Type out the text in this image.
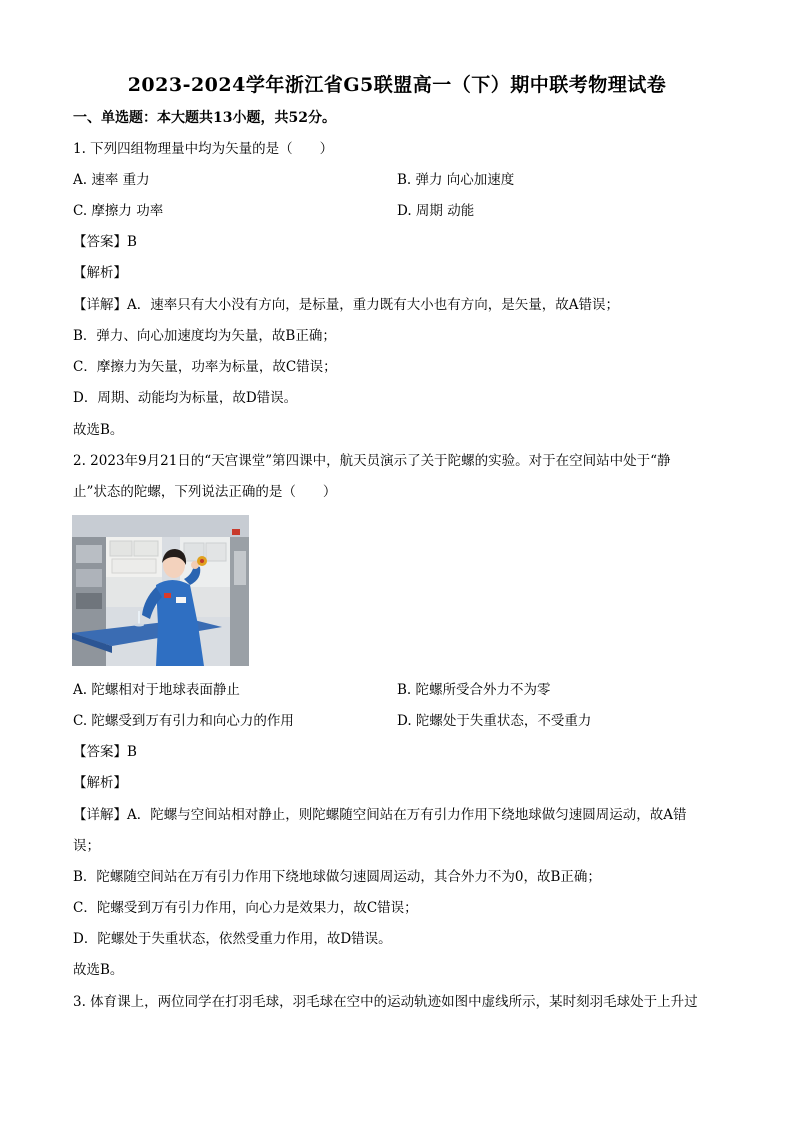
2023-2024学年浙江省G5联盟高一（下）期中联考物理试卷
一、单选题：本大题共13小题，共52分。
1. 下列四组物理量中均为矢量的是（　　）
A. 速率 重力	B. 弹力 向心加速度
C. 摩擦力 功率	D. 周期 动能
【答案】B
【解析】
【详解】A．速率只有大小没有方向，是标量，重力既有大小也有方向，是矢量，故A错误；
B．弹力、向心加速度均为矢量，故B正确；
C．摩擦力为矢量，功率为标量，故C错误；
D．周期、动能均为标量，故D错误。
故选B。
2. 2023年9月21日的“天宫课堂”第四课中，航天员演示了关于陀螺的实验。对于在空间站中处于“静
止”状态的陀螺，下列说法正确的是（　　）
A. 陀螺相对于地球表面静止	B. 陀螺所受合外力不为零
C. 陀螺受到万有引力和向心力的作用	D. 陀螺处于失重状态，不受重力
【答案】B
【解析】
【详解】A．陀螺与空间站相对静止，则陀螺随空间站在万有引力作用下绕地球做匀速圆周运动，故A错
误；
B．陀螺随空间站在万有引力作用下绕地球做匀速圆周运动，其合外力不为0，故B正确；
C．陀螺受到万有引力作用，向心力是效果力，故C错误；
D．陀螺处于失重状态，依然受重力作用，故D错误。
故选B。
3. 体育课上，两位同学在打羽毛球，羽毛球在空中的运动轨迹如图中虚线所示，某时刻羽毛球处于上升过
